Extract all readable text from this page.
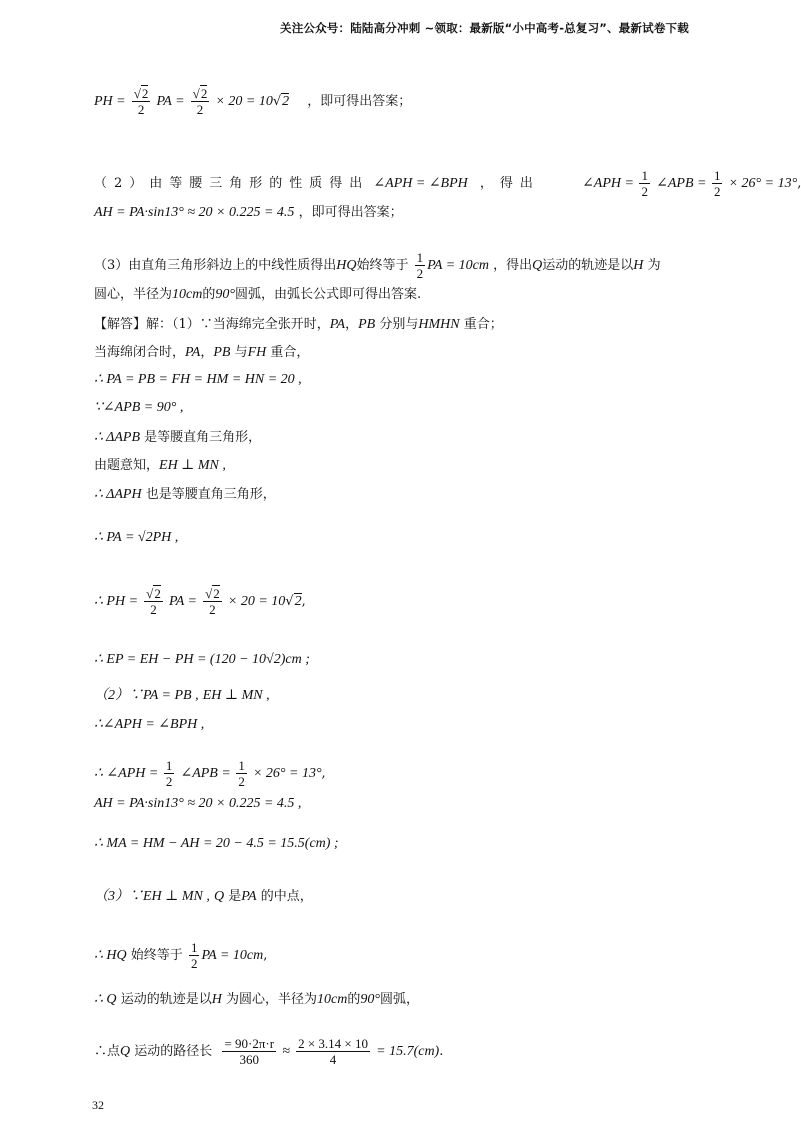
关注公众号：陆陆高分冲刺 ~领取：最新版“小中高考-总复习”、最新试卷下载
PH = $\frac{√2}{2}$ PA = $\frac{√2}{2} \times 20 = 10√2$ ，即可得出答案；
（2）由等腰三角形的性质得出 ∠APH = ∠BPH ，得出	∠APH = $\frac{1}{2}$ ∠APB = $\frac{1}{2} \times 26^\circ = 13^\circ$,
AH = PA·sin13° ≈ 20 × 0.225 = 4.5 ，即可得出答案；
（3）由直角三角形斜边上的中线性质得出HQ始终等于 $\frac{1}{2}$ PA = 10cm ，得出Q运动的轨迹是以H 为
圆心，半径为10cm的90°圆弧，由弧长公式即可得出答案.
【解答】解：（1）∵当海绵完全张开时，PA，PB 分别与HMHN 重合；
当海绵闭合时，PA，PB 与FH 重合，
∴ PA = PB = FH = HM = HN = 20 ,
∵∠APB = 90° ,
∴ ΔAPB 是等腰直角三角形，
由题意知，EH ⊥ MN ,
∴ ΔAPH 也是等腰直角三角形，
∴ PA = √2PH ,
∴ PH = $\frac{√2}{2}$ PA = $\frac{√2}{2} \times 20 = 10√2$,
∴ EP = EH − PH = (120 − 10√2)cm ;
（2）∵PA = PB , EH ⊥ MN ,
∴∠APH = ∠BPH ,
∴ ∠APH = $\frac{1}{2}$ ∠APB = $\frac{1}{2} \times 26^\circ = 13^\circ$,
AH = PA·sin13° ≈ 20 × 0.225 = 4.5 ,
∴ MA = HM − AH = 20 − 4.5 = 15.5(cm) ;
（3）∵EH ⊥ MN , Q 是PA 的中点，
∴ HQ 始终等于 $\frac{1}{2}$ PA = 10cm,
∴ Q 运动的轨迹是以H 为圆心，半径为10cm的90°圆弧，
∴点Q 运动的路径长 $\frac{= 90\cdot 2\pi\cdot r}{360} \approx \frac{2 \times 3.14 \times 10}{4} = 15.7(cm)$.
32
